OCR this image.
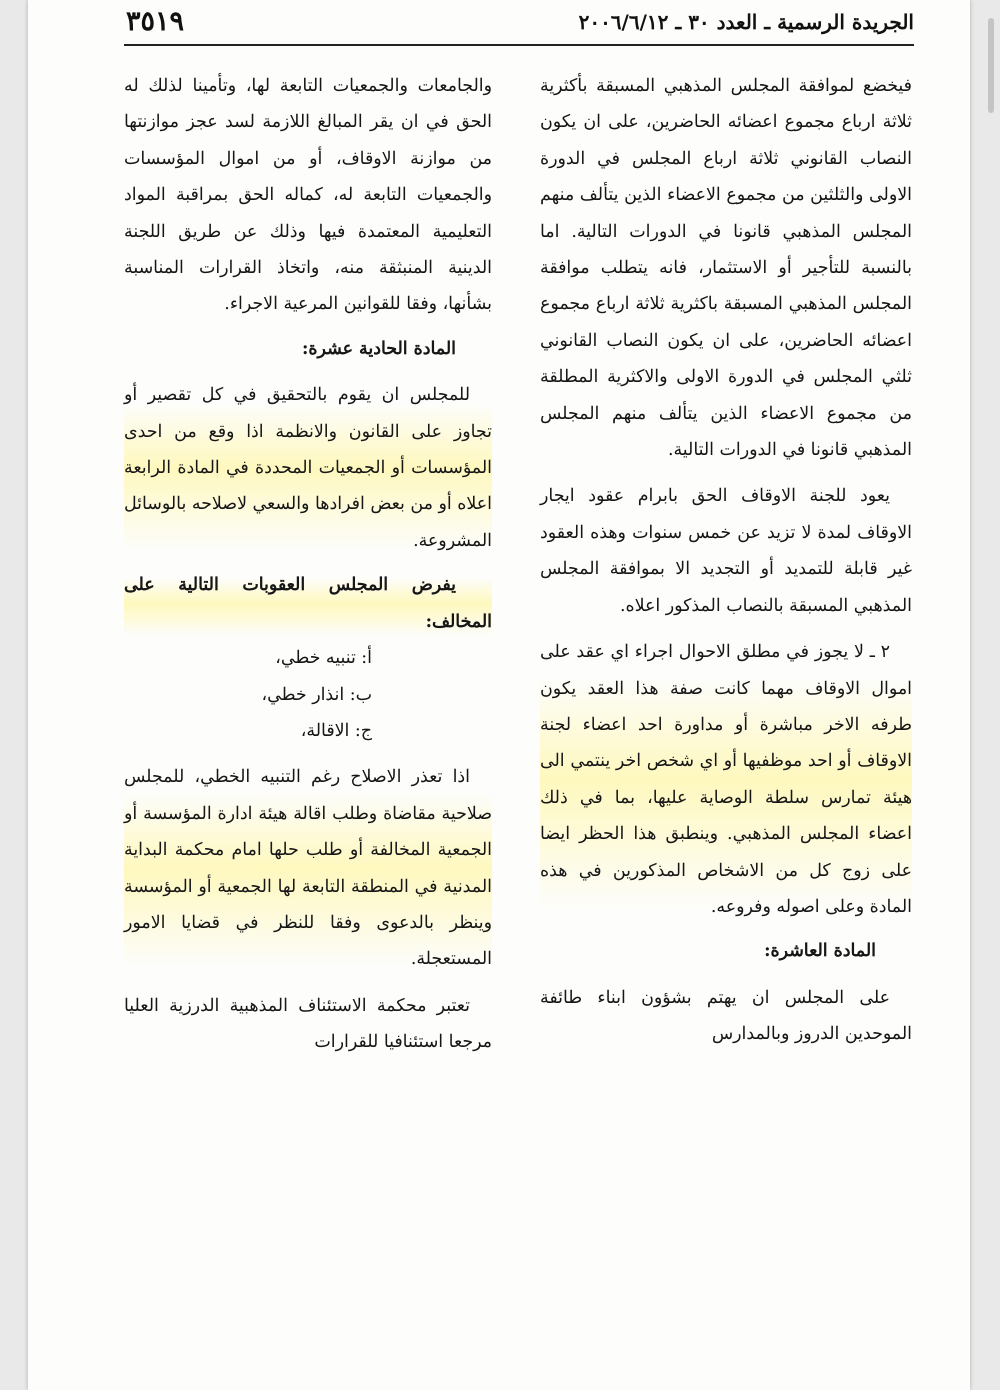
الجريدة الرسمية ـ العدد ٣٠ ـ ٢٠٠٦/٦/١٢
٣٥١٩

فيخضع لموافقة المجلس المذهبي المسبقة بأكثرية ثلاثة ارباع مجموع اعضائه الحاضرين، على ان يكون النصاب القانوني ثلاثة ارباع المجلس في الدورة الاولى والثلثين من مجموع الاعضاء الذين يتألف منهم المجلس المذهبي قانونا في الدورات التالية. اما بالنسبة للتأجير أو الاستثمار، فانه يتطلب موافقة المجلس المذهبي المسبقة باكثرية ثلاثة ارباع مجموع اعضائه الحاضرين، على ان يكون النصاب القانوني ثلثي المجلس في الدورة الاولى والاكثرية المطلقة من مجموع الاعضاء الذين يتألف منهم المجلس المذهبي قانونا في الدورات التالية.

يعود للجنة الاوقاف الحق بابرام عقود ايجار الاوقاف لمدة لا تزيد عن خمس سنوات وهذه العقود غير قابلة للتمديد أو التجديد الا بموافقة المجلس المذهبي المسبقة بالنصاب المذكور اعلاه.

٢ ـ لا يجوز في مطلق الاحوال اجراء اي عقد على اموال الاوقاف مهما كانت صفة هذا العقد يكون طرفه الاخر مباشرة أو مداورة احد اعضاء لجنة الاوقاف أو احد موظفيها أو اي شخص اخر ينتمي الى هيئة تمارس سلطة الوصاية عليها، بما في ذلك اعضاء المجلس المذهبي. وينطبق هذا الحظر ايضا على زوج كل من الاشخاص المذكورين في هذه المادة وعلى اصوله وفروعه.

المادة العاشرة:

على المجلس ان يهتم بشؤون ابناء طائفة الموحدين الدروز وبالمدارس

والجامعات والجمعيات التابعة لها، وتأمينا لذلك له الحق في ان يقر المبالغ اللازمة لسد عجز موازنتها من موازنة الاوقاف، أو من اموال المؤسسات والجمعيات التابعة له، كماله الحق بمراقبة المواد التعليمية المعتمدة فيها وذلك عن طريق اللجنة الدينية المنبثقة منه، واتخاذ القرارات المناسبة بشأنها، وفقا للقوانين المرعية الاجراء.

المادة الحادية عشرة:

للمجلس ان يقوم بالتحقيق في كل تقصير أو تجاوز على القانون والانظمة اذا وقع من احدى المؤسسات أو الجمعيات المحددة في المادة الرابعة اعلاه أو من بعض افرادها والسعي لاصلاحه بالوسائل المشروعة.

يفرض المجلس العقوبات التالية على المخالف:

أ: تنبيه خطي،

ب: انذار خطي،

ج: الاقالة،

اذا تعذر الاصلاح رغم التنبيه الخطي، للمجلس صلاحية مقاضاة وطلب اقالة هيئة ادارة المؤسسة أو الجمعية المخالفة أو طلب حلها امام محكمة البداية المدنية في المنطقة التابعة لها الجمعية أو المؤسسة وينظر بالدعوى وفقا للنظر في قضايا الامور المستعجلة.

تعتبر محكمة الاستئناف المذهبية الدرزية العليا مرجعا استئنافيا للقرارات
